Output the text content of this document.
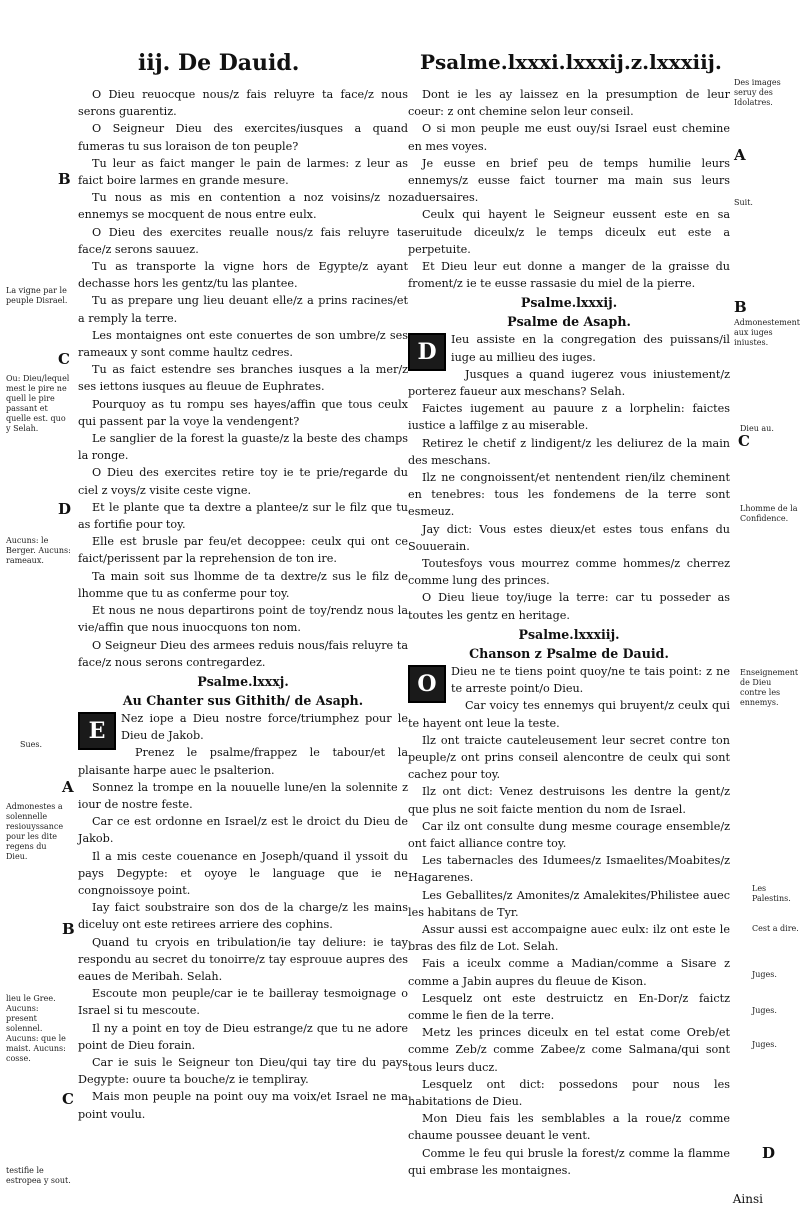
iij. De Dauid.	Psalme.lxxxi.lxxxij.z.lxxxiij.

O Dieu reuocque nous/z fais reluyre ta face/z nous serons guarentiz.

O Seigneur Dieu des exercites/iusques a quand fumeras tu sus loraison de ton peuple?

Tu leur as faict manger le pain de larmes: z leur as faict boire larmes en grande mesure.

Tu nous as mis en contention a noz voisins/z noz ennemys se mocquent de nous entre eulx.

O Dieu des exercites reualle nous/z fais reluyre ta face/z serons sauuez.

Tu as transporte la vigne hors de Egypte/z ayant dechasse hors les gentz/tu las plantee.

Tu as prepare ung lieu deuant elle/z a prins racines/et a remply la terre.

Les montaignes ont este conuertes de son umbre/z ses rameaux y sont comme haultz cedres.

Tu as faict estendre ses branches iusques a la mer/z ses iettons iusques au fleuue de Euphrates.

Pourquoy as tu rompu ses hayes/affin que tous ceulx qui passent par la voye la vendengent?

Le sanglier de la forest la guaste/z la beste des champs la ronge.

O Dieu des exercites retire toy ie te prie/regarde du ciel z voys/z visite ceste vigne.

Et le plante que ta dextre a plantee/z sur le filz que tu as fortifie pour toy.

Elle est brusle par feu/et decoppee: ceulx qui ont ce faict/perissent par la reprehension de ton ire.

Ta main soit sus lhomme de ta dextre/z sus le filz de lhomme que tu as conferme pour toy.

Et nous ne nous departirons point de toy/rendz nous la vie/affin que nous inuocquons ton nom.

O Seigneur Dieu des armees reduis nous/fais reluyre ta face/z nous serons contregardez.

Psalme.lxxxj.
Au Chanter sus Githith/ de Asaph.
E	Nez iope a Dieu nostre force/triumphez pour le Dieu de Jakob.

Prenez le psalme/frappez le tabour/et la plaisante harpe auec le psalterion.

Sonnez la trompe en la nouuelle lune/en la solennite z iour de nostre feste.

Car ce est ordonne en Israel/z est le droict du Dieu de Jakob.

Il a mis ceste couenance en Joseph/quand il yssoit du pays Degypte: et oyoye le language que ie ne congnoissoye point.

Iay faict soubstraire son dos de la charge/z les mains diceluy ont este retirees arriere des cophins.

Quand tu cryois en tribulation/ie tay deliure: ie tay respondu au secret du tonoirre/z tay esprouue aupres des eaues de Meribah. Selah.

Escoute mon peuple/car ie te bailleray tesmoignage o Israel si tu mescoute.

Il ny a point en toy de Dieu estrange/z que tu ne adore point de Dieu forain.

Car ie suis le Seigneur ton Dieu/qui tay tire du pays Degypte: ouure ta bouche/z ie templiray.

Mais mon peuple na point ouy ma voix/et Israel ne ma point voulu.

Dont ie les ay laissez en la presumption de leur coeur: z ont chemine selon leur conseil.

O si mon peuple me eust ouy/si Israel eust chemine en mes voyes.

Je eusse en brief peu de temps humilie leurs ennemys/z eusse faict tourner ma main sus leurs aduersaires.

Ceulx qui hayent le Seigneur eussent este en sa seruitude diceulx/z le temps diceulx eut este a perpetuite.

Et Dieu leur eut donne a manger de la graisse du froment/z ie te eusse rassasie du miel de la pierre.

Psalme.lxxxij.
Psalme de Asaph.
D	Ieu assiste en la congregation des puissans/il iuge au millieu des iuges.

Jusques a quand iugerez vous iniustement/z porterez faueur aux meschans? Selah.

Faictes iugement au pauure z a lorphelin: faictes iustice a laffilge z au miserable.

Retirez le chetif z lindigent/z les deliurez de la main des meschans.

Ilz ne congnoissent/et nentendent rien/ilz cheminent en tenebres: tous les fondemens de la terre sont esmeuz.

Jay dict: Vous estes dieux/et estes tous enfans du Souuerain.

Toutesfoys vous mourrez comme hommes/z cherrez comme lung des princes.

O Dieu lieue toy/iuge la terre: car tu posseder as toutes les gentz en heritage.

Psalme.lxxxiij.
Chanson z Psalme de Dauid.
O	Dieu ne te tiens point quoy/ne te tais point: z ne te arreste point/o Dieu.

Car voicy tes ennemys qui bruyent/z ceulx qui te hayent ont leue la teste.

Ilz ont traicte cauteleusement leur secret contre ton peuple/z ont prins conseil alencontre de ceulx qui sont cachez pour toy.

Ilz ont dict: Venez destruisons les dentre la gent/z que plus ne soit faicte mention du nom de Israel.

Car ilz ont consulte dung mesme courage ensemble/z ont faict alliance contre toy.

Les tabernacles des Idumees/z Ismaelites/Moabites/z Hagarenes.

Les Geballites/z Amonites/z Amalekites/Philistee auec les habitans de Tyr.

Assur aussi est accompaigne auec eulx: ilz ont este le bras des filz de Lot. Selah.

Fais a iceulx comme a Madian/comme a Sisare z comme a Jabin aupres du fleuue de Kison.

Lesquelz ont este destruictz en En-Dor/z faictz comme le fien de la terre.

Metz les princes diceulx en tel estat come Oreb/et comme Zeb/z comme Zabee/z come Salmana/qui sont tous leurs ducz.

Lesquelz ont dict: possedons pour nous les habitations de Dieu.

Mon Dieu fais les semblables a la roue/z comme chaume poussee deuant le vent.

Comme le feu qui brusle la forest/z comme la flamme qui embrase les montaignes.

La vigne par le peuple Disrael.
Ou: Dieu/lequel mest le pire ne quell le pire passant et quelle est. quo y Selah.
Aucuns: le Berger. Aucuns: rameaux.
Sues.
Admonestes a solennelle resiouyssance pour les dite regens du Dieu.
lieu le Gree. Aucuns: present solennel. Aucuns: que le maist. Aucuns: cosse.
testifie le estropea y sout.
B
C
D
A
B
C
Des images seruy des Idolatres.
Suit.
Admonestement aux iuges iniustes.
Dieu au.
Lhomme de la Confidence.
Enseignement de Dieu contre les ennemys.
Les Palestins.
Cest a dire.
Juges.
Juges.
Juges.
A
B
C
D
Ainsi
